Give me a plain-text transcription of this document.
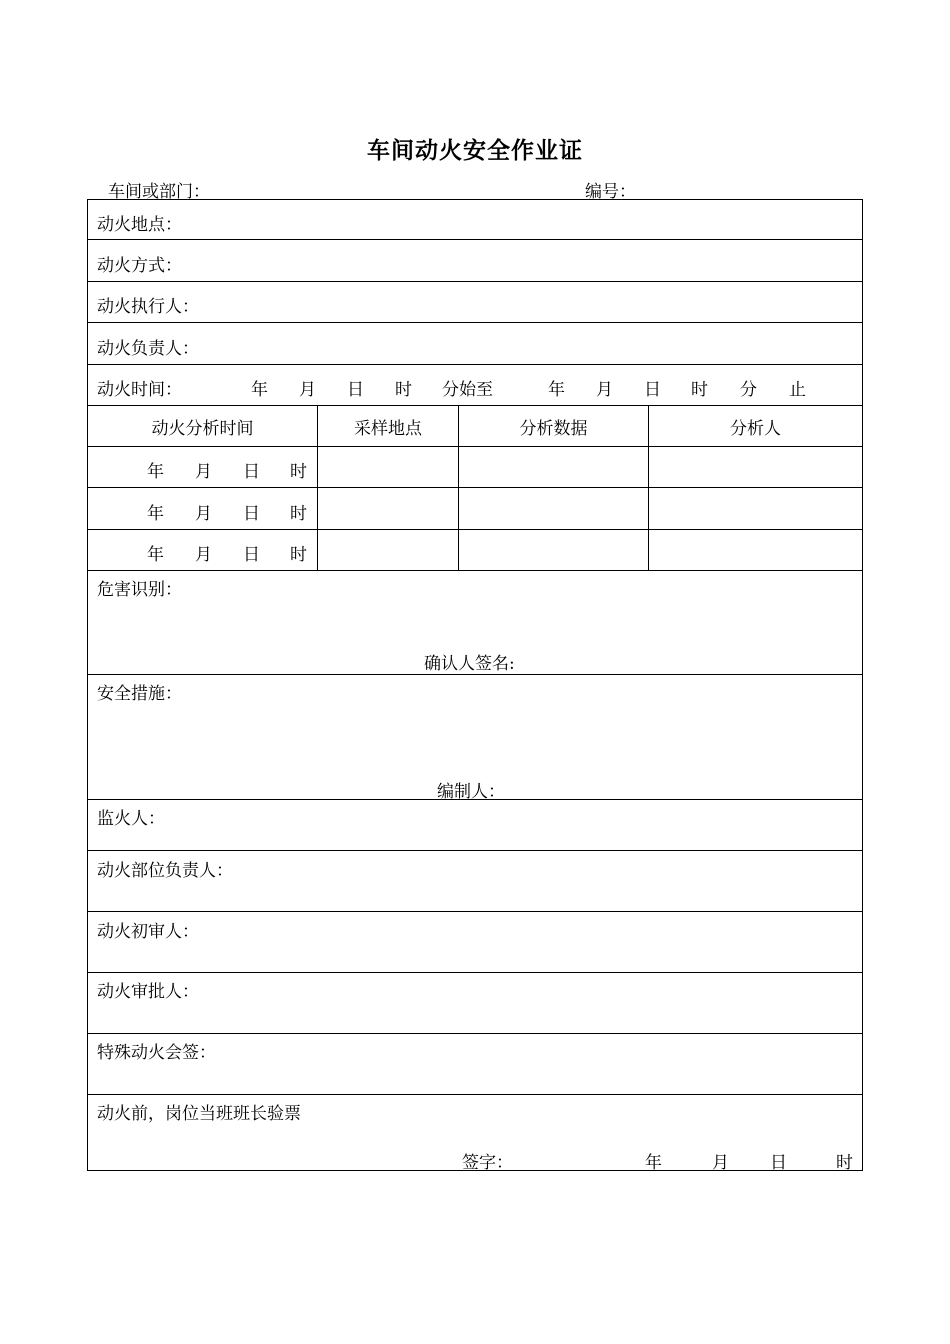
车间动火安全作业证
车间或部门：	编号：
动火地点：
动火方式：
动火执行人：
动火负责人：
动火时间：	年 月 日 时 分始至	年 月 日 时 分 止
动火分析时间	采样地点	分析数据	分析人
年 月 日 时
年 月 日 时
年 月 日 时
危害识别：
确认人签名:
安全措施：
编制人：
监火人：
动火部位负责人：
动火初审人：
动火审批人：
特殊动火会签：
动火前，岗位当班班长验票
签字：	年	月 日	时
